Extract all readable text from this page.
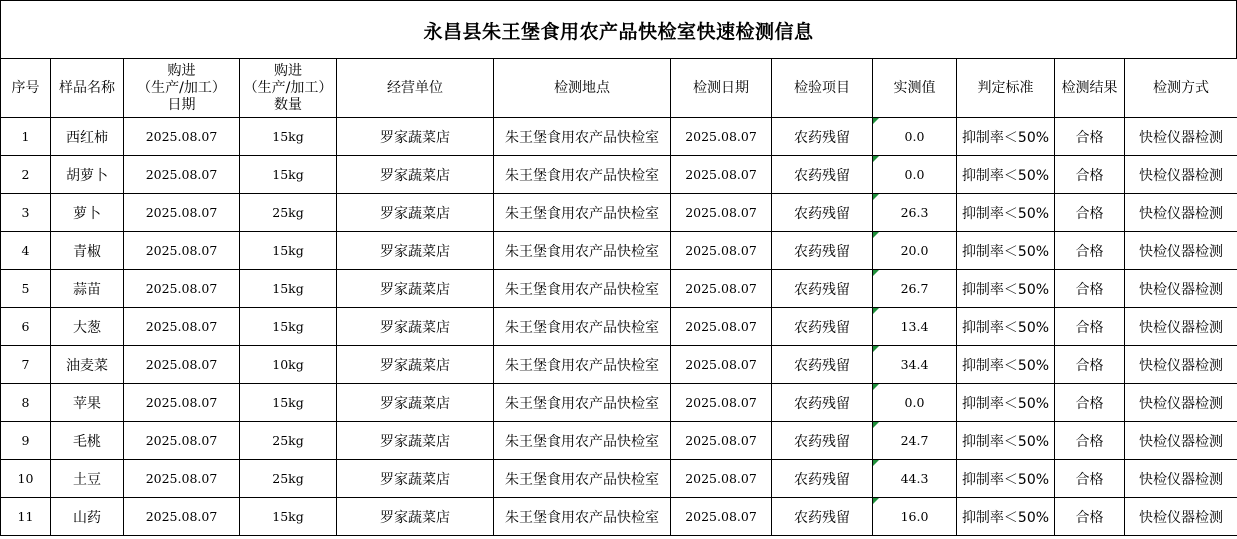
永昌县朱王堡食用农产品快检室快速检测信息
序号	样品名称	购进
（生产/加工）
日期	购进
（生产/加工）
数量	经营单位	检测地点	检测日期	检验项目	实测值	判定标准	检测结果	检测方式

1	西红柿	2025.08.07	15kg	罗家蔬菜店	朱王堡食用农产品快检室	2025.08.07	农药残留	0.0	抑制率＜50%	合格	快检仪器检测
2	胡萝卜	2025.08.07	15kg	罗家蔬菜店	朱王堡食用农产品快检室	2025.08.07	农药残留	0.0	抑制率＜50%	合格	快检仪器检测
3	萝卜	2025.08.07	25kg	罗家蔬菜店	朱王堡食用农产品快检室	2025.08.07	农药残留	26.3	抑制率＜50%	合格	快检仪器检测
4	青椒	2025.08.07	15kg	罗家蔬菜店	朱王堡食用农产品快检室	2025.08.07	农药残留	20.0	抑制率＜50%	合格	快检仪器检测
5	蒜苗	2025.08.07	15kg	罗家蔬菜店	朱王堡食用农产品快检室	2025.08.07	农药残留	26.7	抑制率＜50%	合格	快检仪器检测
6	大葱	2025.08.07	15kg	罗家蔬菜店	朱王堡食用农产品快检室	2025.08.07	农药残留	13.4	抑制率＜50%	合格	快检仪器检测
7	油麦菜	2025.08.07	10kg	罗家蔬菜店	朱王堡食用农产品快检室	2025.08.07	农药残留	34.4	抑制率＜50%	合格	快检仪器检测
8	苹果	2025.08.07	15kg	罗家蔬菜店	朱王堡食用农产品快检室	2025.08.07	农药残留	0.0	抑制率＜50%	合格	快检仪器检测
9	毛桃	2025.08.07	25kg	罗家蔬菜店	朱王堡食用农产品快检室	2025.08.07	农药残留	24.7	抑制率＜50%	合格	快检仪器检测
10	土豆	2025.08.07	25kg	罗家蔬菜店	朱王堡食用农产品快检室	2025.08.07	农药残留	44.3	抑制率＜50%	合格	快检仪器检测
11	山药	2025.08.07	15kg	罗家蔬菜店	朱王堡食用农产品快检室	2025.08.07	农药残留	16.0	抑制率＜50%	合格	快检仪器检测
